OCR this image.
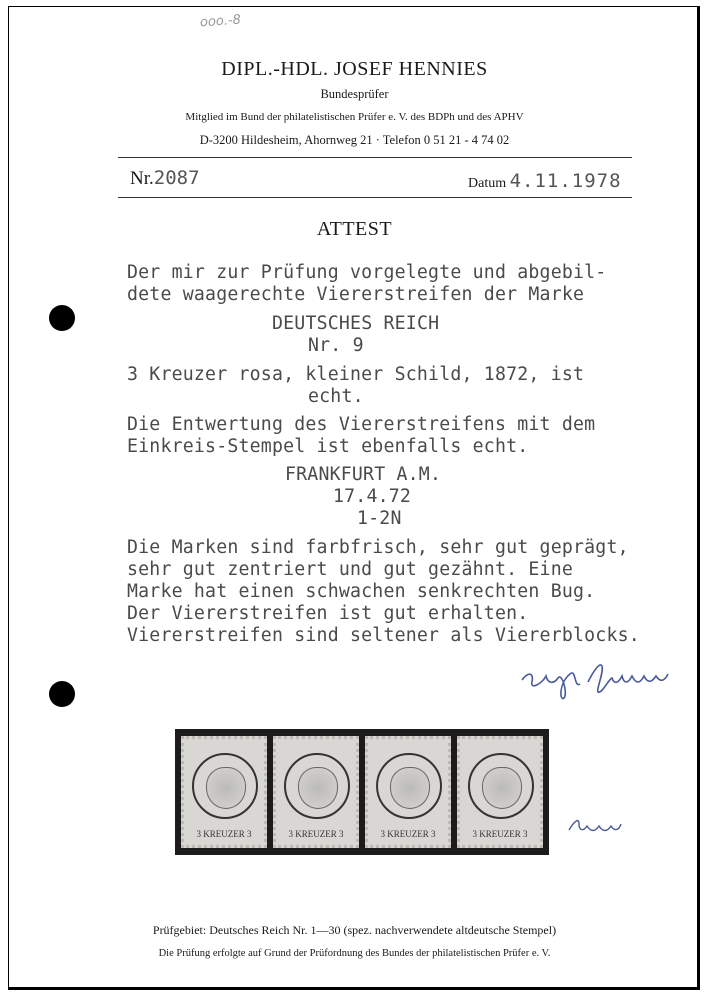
ooo.-8
DIPL.-HDL. JOSEF HENNIES
Bundesprüfer
Mitglied im Bund der philatelistischen Prüfer e. V. des BDPh und des APHV
D-3200 Hildesheim, Ahornweg 21 · Telefon 0 51 21 - 4 74 02
Nr.2087	Datum 4.11.1978
ATTEST
Der mir zur Prüfung vorgelegte und abgebil-
dete waagerechte Viererstreifen der Marke
DEUTSCHES REICH
Nr. 9
3 Kreuzer rosa, kleiner Schild, 1872, ist
echt.
Die Entwertung des Viererstreifens mit dem
Einkreis-Stempel ist ebenfalls echt.
FRANKFURT A.M.
17.4.72
1-2N
Die Marken sind farbfrisch, sehr gut geprägt,
sehr gut zentriert und gut gezähnt. Eine
Marke hat einen schwachen senkrechten Bug.
Der Viererstreifen ist gut erhalten.
Viererstreifen sind seltener als Viererblocks.
3 KREUZER 3	3 KREUZER 3	3 KREUZER 3	3 KREUZER 3
Prüfgebiet: Deutsches Reich Nr. 1—30 (spez. nachverwendete altdeutsche Stempel)
Die Prüfung erfolgte auf Grund der Prüfordnung des Bundes der philatelistischen Prüfer e. V.
